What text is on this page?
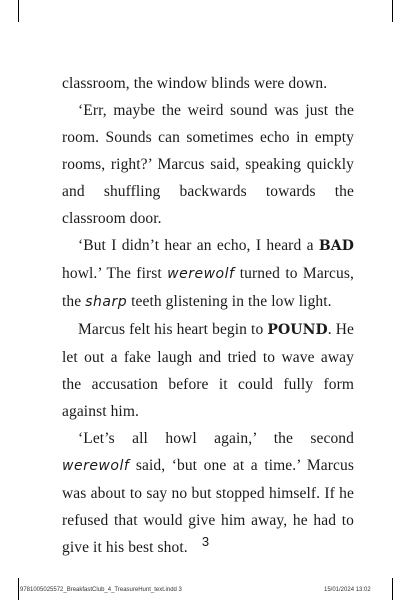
classroom, the window blinds were down.

‘Err, maybe the weird sound was just the room. Sounds can sometimes echo in empty rooms, right?’ Marcus said, speaking quickly and shuffling backwards towards the classroom door.

‘But I didn’t hear an echo, I heard a BAD howl.’ The first werewolf turned to Marcus, the sharp teeth glistening in the low light.

Marcus felt his heart begin to POUND. He let out a fake laugh and tried to wave away the accusation before it could fully form against him.

‘Let’s all howl again,’ the second werewolf said, ‘but one at a time.’ Marcus was about to say no but stopped himself. If he refused that would give him away, he had to give it his best shot.	3
9781005025572_BreakfastClub_4_TreasureHunt_text.indd 3	15/01/2024 13:02
